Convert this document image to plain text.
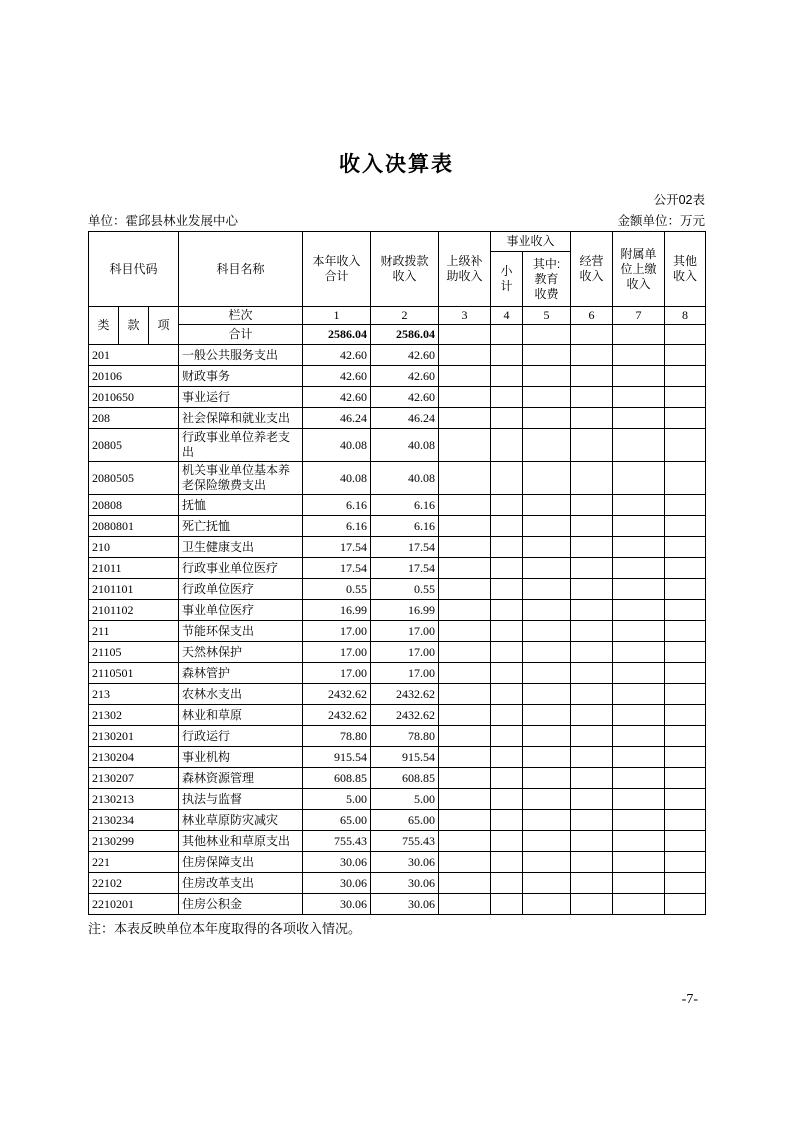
收入决算表
公开02表
单位：霍邱县林业发展中心	金额单位：万元
科目代码			科目名称	本年收入合计	财政拨款收入	上级补助收入	事业收入		经营收入	附属单位上缴收入	其他收入
							小计	其中:教育收费			
类	款	项	栏次	1	2	3	4	5	6	7	8
			合计	2586.04	2586.04						
201			一般公共服务支出	42.60	42.60						
20106			财政事务	42.60	42.60						
2010650			事业运行	42.60	42.60						
208			社会保障和就业支出	46.24	46.24						
20805			行政事业单位养老支出	40.08	40.08						
2080505			机关事业单位基本养老保险缴费支出	40.08	40.08						
20808			抚恤	6.16	6.16						
2080801			死亡抚恤	6.16	6.16						
210			卫生健康支出	17.54	17.54						
21011			行政事业单位医疗	17.54	17.54						
2101101			行政单位医疗	0.55	0.55						
2101102			事业单位医疗	16.99	16.99						
211			节能环保支出	17.00	17.00						
21105			天然林保护	17.00	17.00						
2110501			森林管护	17.00	17.00						
213			农林水支出	2432.62	2432.62						
21302			林业和草原	2432.62	2432.62						
2130201			行政运行	78.80	78.80						
2130204			事业机构	915.54	915.54						
2130207			森林资源管理	608.85	608.85						
2130213			执法与监督	5.00	5.00						
2130234			林业草原防灾减灾	65.00	65.00						
2130299			其他林业和草原支出	755.43	755.43						
221			住房保障支出	30.06	30.06						
22102			住房改革支出	30.06	30.06						
2210201			住房公积金	30.06	30.06						
注：本表反映单位本年度取得的各项收入情况。
-7-
